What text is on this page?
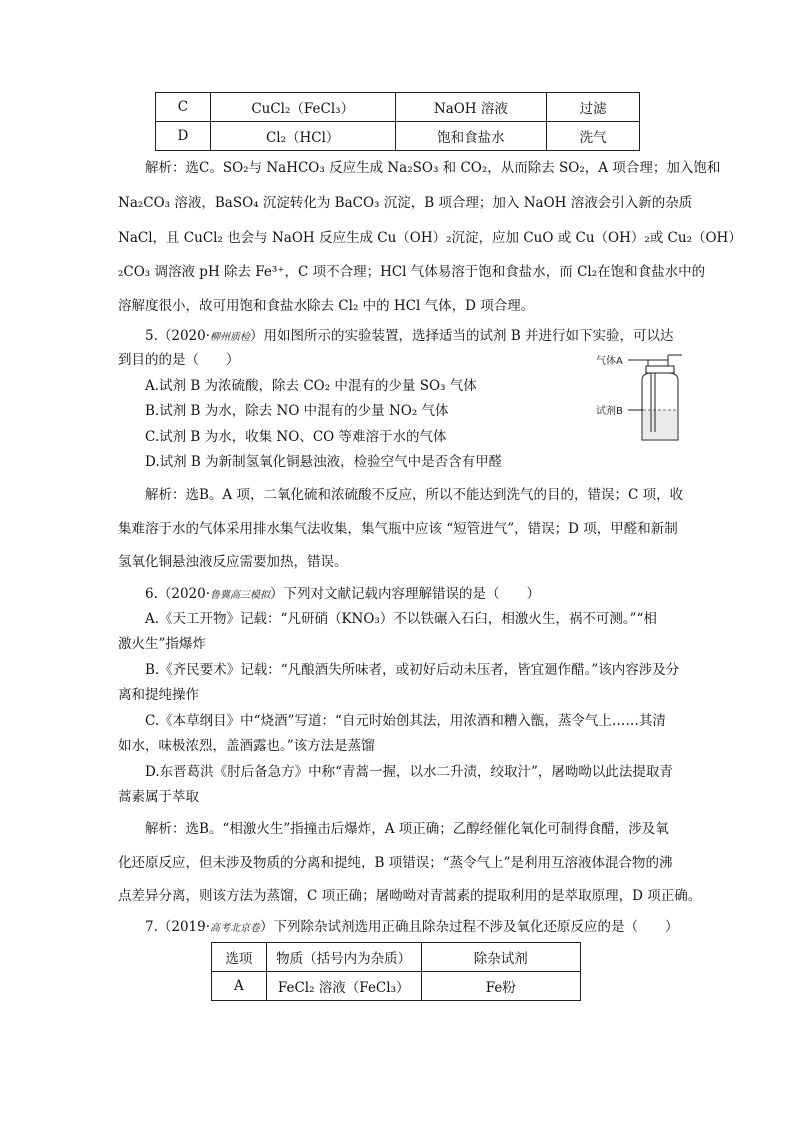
C	CuCl₂（FeCl₃）	NaOH 溶液	过滤
D	Cl₂（HCl）	饱和食盐水	洗气
解析：选C。SO₂与 NaHCO₃ 反应生成 Na₂SO₃ 和 CO₂，从而除去 SO₂，A 项合理；加入饱和
Na₂CO₃ 溶液，BaSO₄ 沉淀转化为 BaCO₃ 沉淀，B 项合理；加入 NaOH 溶液会引入新的杂质
NaCl，且 CuCl₂ 也会与 NaOH 反应生成 Cu（OH）₂沉淀，应加 CuO 或 Cu（OH）₂或 Cu₂（OH）
₂CO₃ 调溶液 pH 除去 Fe³⁺，C 项不合理；HCl 气体易溶于饱和食盐水，而 Cl₂在饱和食盐水中的
溶解度很小，故可用饱和食盐水除去 Cl₂ 中的 HCl 气体，D 项合理。
5.（2020·柳州质检）用如图所示的实验装置，选择适当的试剂 B 并进行如下实验，可以达
到目的的是（　　）
A.试剂 B 为浓硫酸，除去 CO₂ 中混有的少量 SO₃ 气体
B.试剂 B 为水，除去 NO 中混有的少量 NO₂ 气体
C.试剂 B 为水，收集 NO、CO 等难溶于水的气体
D.试剂 B 为新制氢氧化铜悬浊液，检验空气中是否含有甲醛
气体A
试剂B
解析：选B。A 项，二氧化硫和浓硫酸不反应，所以不能达到洗气的目的，错误；C 项，收
集难溶于水的气体采用排水集气法收集，集气瓶中应该 “短管进气”，错误；D 项，甲醛和新制
氢氧化铜悬浊液反应需要加热，错误。
6.（2020·鲁冀高三模拟）下列对文献记载内容理解错误的是（　　）
A.《天工开物》记载：“凡研硝（KNO₃）不以铁碾入石臼，相激火生，祸不可测。”“相
激火生”指爆炸
B.《齐民要术》记载：“凡酿酒失所味者，或初好后动未压者，皆宜廻作醋。”该内容涉及分
离和提纯操作
C.《本草纲目》中“烧酒”写道：“自元时始创其法，用浓酒和糟入甑，蒸令气上……其清
如水，味极浓烈，盖酒露也。”该方法是蒸馏
D.东晋葛洪《肘后备急方》中称“青蒿一握，以水二升渍，绞取汁”，屠呦呦以此法提取青
蒿素属于萃取
解析：选B。“相激火生”指撞击后爆炸，A 项正确；乙醇经催化氧化可制得食醋，涉及氧
化还原反应，但未涉及物质的分离和提纯，B 项错误；“蒸令气上”是利用互溶液体混合物的沸
点差异分离，则该方法为蒸馏，C 项正确；屠呦呦对青蒿素的提取利用的是萃取原理，D 项正确。
7.（2019·高考北京卷）下列除杂试剂选用正确且除杂过程不涉及氧化还原反应的是（　　）
选项	物质（括号内为杂质）	除杂试剂
A	FeCl₂ 溶液（FeCl₃）	Fe粉
